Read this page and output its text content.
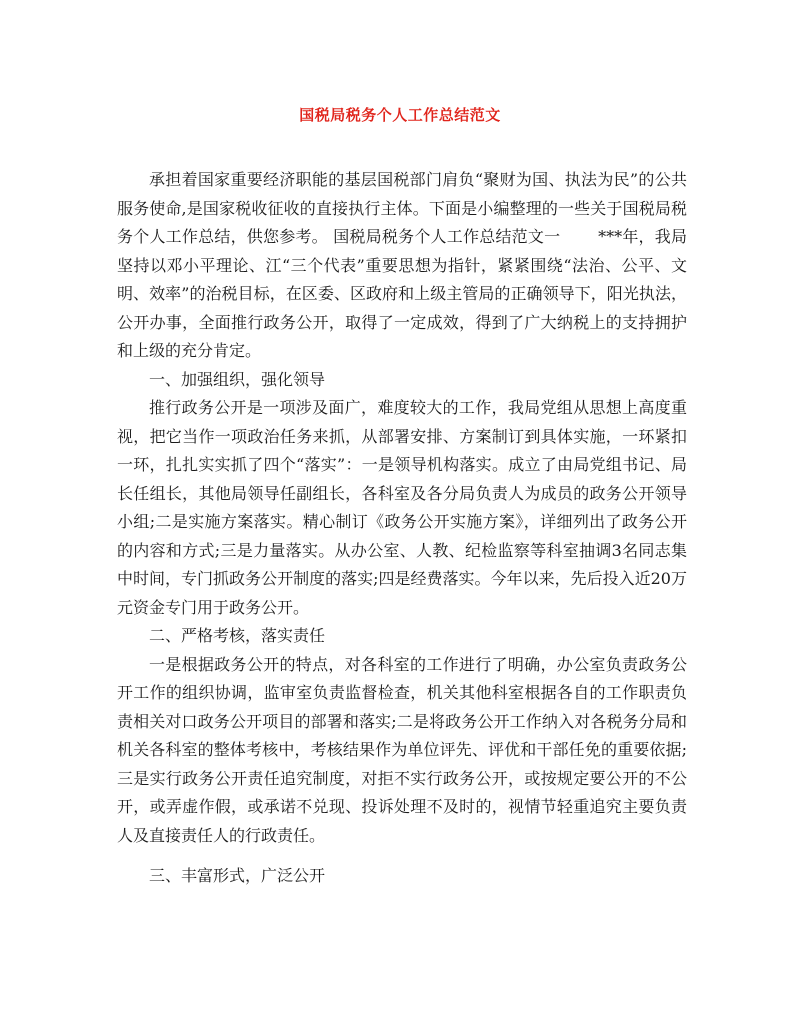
国税局税务个人工作总结范文

承担着国家重要经济职能的基层国税部门肩负“聚财为国、执法为民”的公共服务使命,是国家税收征收的直接执行主体。下面是小编整理的一些关于国税局税务个人工作总结，供您参考。 国税局税务个人工作总结范文一 　　***年，我局坚持以邓小平理论、江“三个代表”重要思想为指针，紧紧围绕“法治、公平、文明、效率”的治税目标，在区委、区政府和上级主管局的正确领导下，阳光执法，公开办事，全面推行政务公开，取得了一定成效，得到了广大纳税上的支持拥护和上级的充分肯定。

一、加强组织，强化领导

推行政务公开是一项涉及面广，难度较大的工作，我局党组从思想上高度重视，把它当作一项政治任务来抓，从部署安排、方案制订到具体实施，一环紧扣一环，扎扎实实抓了四个“落实”：一是领导机构落实。成立了由局党组书记、局长任组长，其他局领导任副组长，各科室及各分局负责人为成员的政务公开领导小组;二是实施方案落实。精心制订《政务公开实施方案》，详细列出了政务公开的内容和方式;三是力量落实。从办公室、人教、纪检监察等科室抽调3名同志集中时间，专门抓政务公开制度的落实;四是经费落实。今年以来，先后投入近20万元资金专门用于政务公开。

二、严格考核，落实责任

一是根据政务公开的特点，对各科室的工作进行了明确，办公室负责政务公开工作的组织协调，监审室负责监督检查，机关其他科室根据各自的工作职责负责相关对口政务公开项目的部署和落实;二是将政务公开工作纳入对各税务分局和机关各科室的整体考核中，考核结果作为单位评先、评优和干部任免的重要依据;三是实行政务公开责任追究制度，对拒不实行政务公开，或按规定要公开的不公开，或弄虚作假，或承诺不兑现、投诉处理不及时的，视情节轻重追究主要负责人及直接责任人的行政责任。

三、丰富形式，广泛公开
